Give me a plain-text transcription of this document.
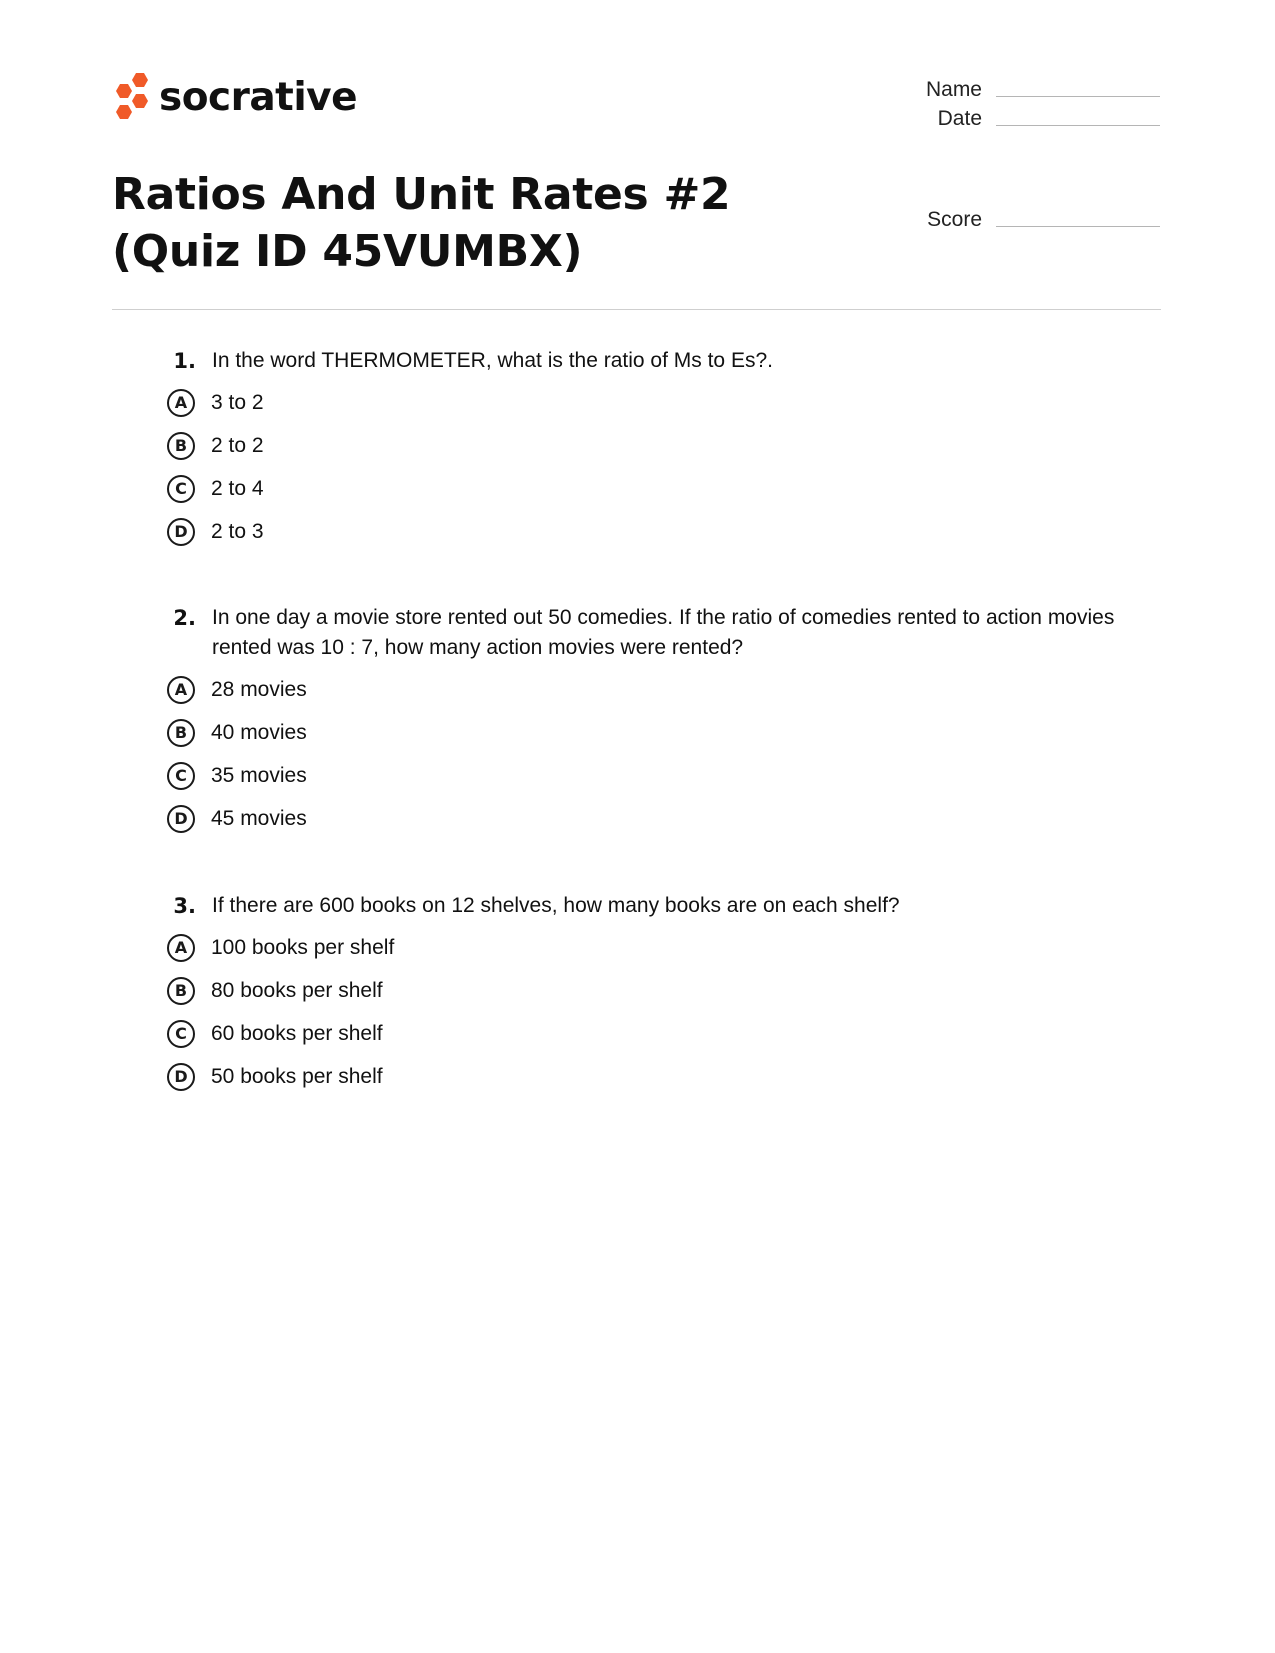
socrative	Name
Date
Score
Ratios And Unit Rates #2 (Quiz ID 45VUMBX)
1. In the word THERMOMETER, what is the ratio of Ms to Es?.
A	3 to 2
B	2 to 2
C	2 to 4
D	2 to 3
2. In one day a movie store rented out 50 comedies. If the ratio of comedies rented to action movies rented was 10 : 7, how many action movies were rented?
A	28 movies
B	40 movies
C	35 movies
D	45 movies
3. If there are 600 books on 12 shelves, how many books are on each shelf?
A	100 books per shelf
B	80 books per shelf
C	60 books per shelf
D	50 books per shelf
